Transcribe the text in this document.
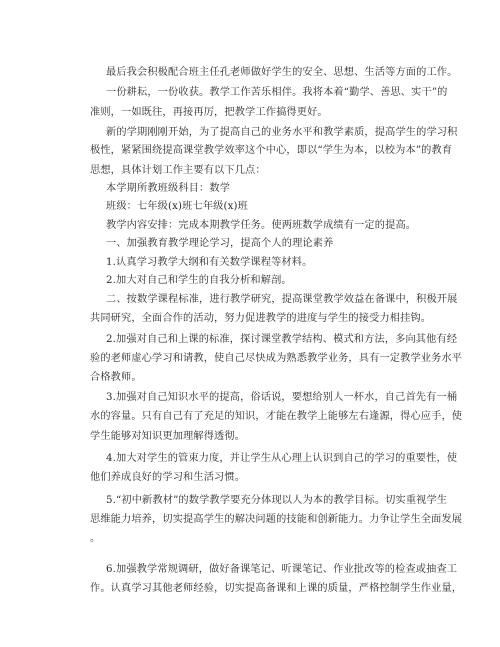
最后我会积极配合班主任孔老师做好学生的安全、思想、生活等方面的工作。
一份耕耘，一份收获。教学工作苦乐相伴。我将本着“勤学、善思、实干”的
准则，一如既往，再接再厉，把教学工作搞得更好。
新的学期刚刚开始，为了提高自己的业务水平和教学素质，提高学生的学习积
极性，紧紧围绕提高课堂教学效率这个中心，即以“学生为本，以校为本”的教育
思想，具体计划工作主要有以下几点：
本学期所教班级科目：数学
班级：七年级(x)班七年级(x)班
教学内容安排：完成本期教学任务。使两班数学成绩有一定的提高。
一、加强教育教学理论学习，提高个人的理论素养
1.认真学习教学大纲和有关数学课程等材料。
2.加大对自己和学生的自我分析和解剖。
二、按数学课程标准，进行教学研究，提高课堂教学效益在备课中，积极开展
共同研究，全面合作的活动，努力促进教学的进度与学生的接受力相挂钩。
2.加强对自己和上课的标准，探讨课堂教学结构、模式和方法，多向其他有经
验的老师虚心学习和请教，使自己尽快成为熟悉教学业务，具有一定教学业务水平
合格教师。
3.加强对自己知识水平的提高，俗话说，要想给别人一杯水，自己首先有一桶
水的容量。只有自己有了充足的知识，才能在教学上能够左右逢源，得心应手，使
学生能够对知识更加理解得透彻。
4.加大对学生的管束力度，并让学生从心理上认识到自己的学习的重要性，使
他们养成良好的学习和生活习惯。
5.“初中新教材”的数学教学要充分体现以人为本的教学目标。切实重视学生
思维能力培养，切实提高学生的解决问题的技能和创新能力。力争让学生全面发展
。
6.加强教学常规调研，做好备课笔记、听课笔记、作业批改等的检查或抽查工
作。认真学习其他老师经验，切实提高备课和上课的质量，严格控制学生作业量，
